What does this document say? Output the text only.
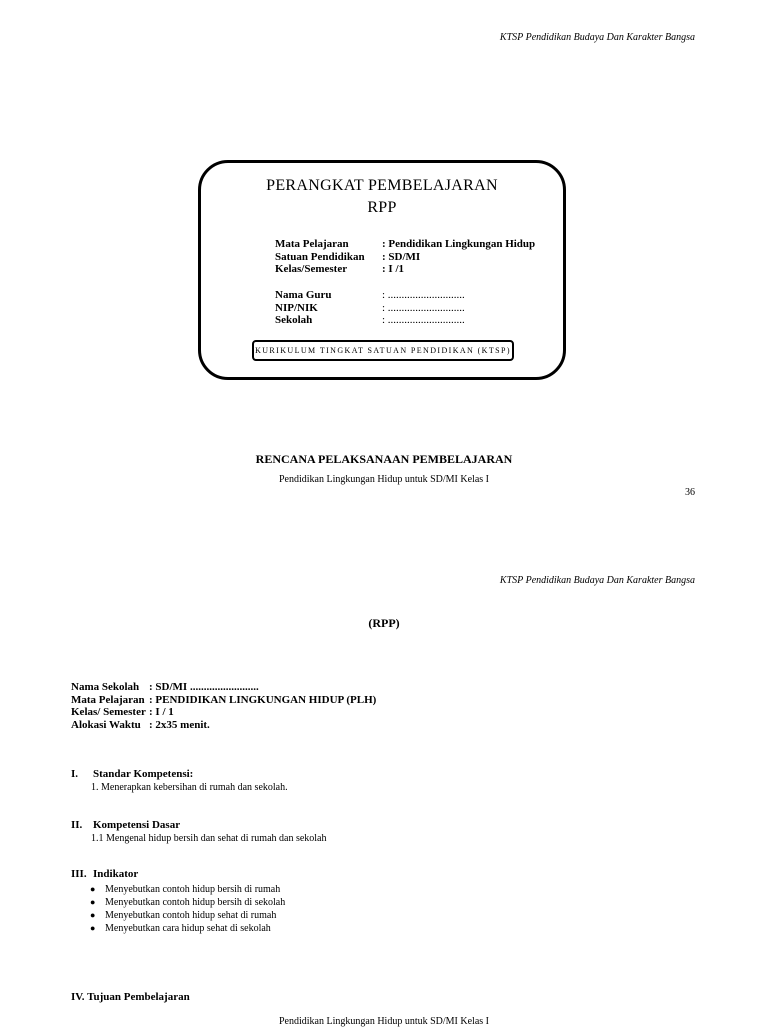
KTSP Pendidikan Budaya Dan Karakter Bangsa
PERANGKAT PEMBELAJARAN
RPP
Mata Pelajaran	: Pendidikan Lingkungan Hidup
Satuan Pendidikan	: SD/MI
Kelas/Semester	: I /1
Nama Guru	: ............................
NIP/NIK	: ............................
Sekolah	: ............................
KURIKULUM TINGKAT SATUAN PENDIDIKAN (KTSP)
RENCANA PELAKSANAAN PEMBELAJARAN
Pendidikan Lingkungan Hidup untuk SD/MI Kelas I
36
KTSP Pendidikan Budaya Dan Karakter Bangsa
(RPP)
Nama Sekolah : SD/MI .........................
Mata Pelajaran : PENDIDIKAN LINGKUNGAN HIDUP (PLH)
Kelas/ Semester : I / 1
Alokasi Waktu : 2x35 menit.
I. Standar Kompetensi:
1. Menerapkan kebersihan di rumah dan sekolah.
II. Kompetensi Dasar
1.1 Mengenal hidup bersih dan sehat di rumah dan sekolah
III. Indikator
● Menyebutkan contoh hidup bersih di rumah
● Menyebutkan contoh hidup bersih di sekolah
● Menyebutkan contoh hidup sehat di rumah
● Menyebutkan cara hidup sehat di sekolah
IV. Tujuan Pembelajaran
Pendidikan Lingkungan Hidup untuk SD/MI Kelas I
